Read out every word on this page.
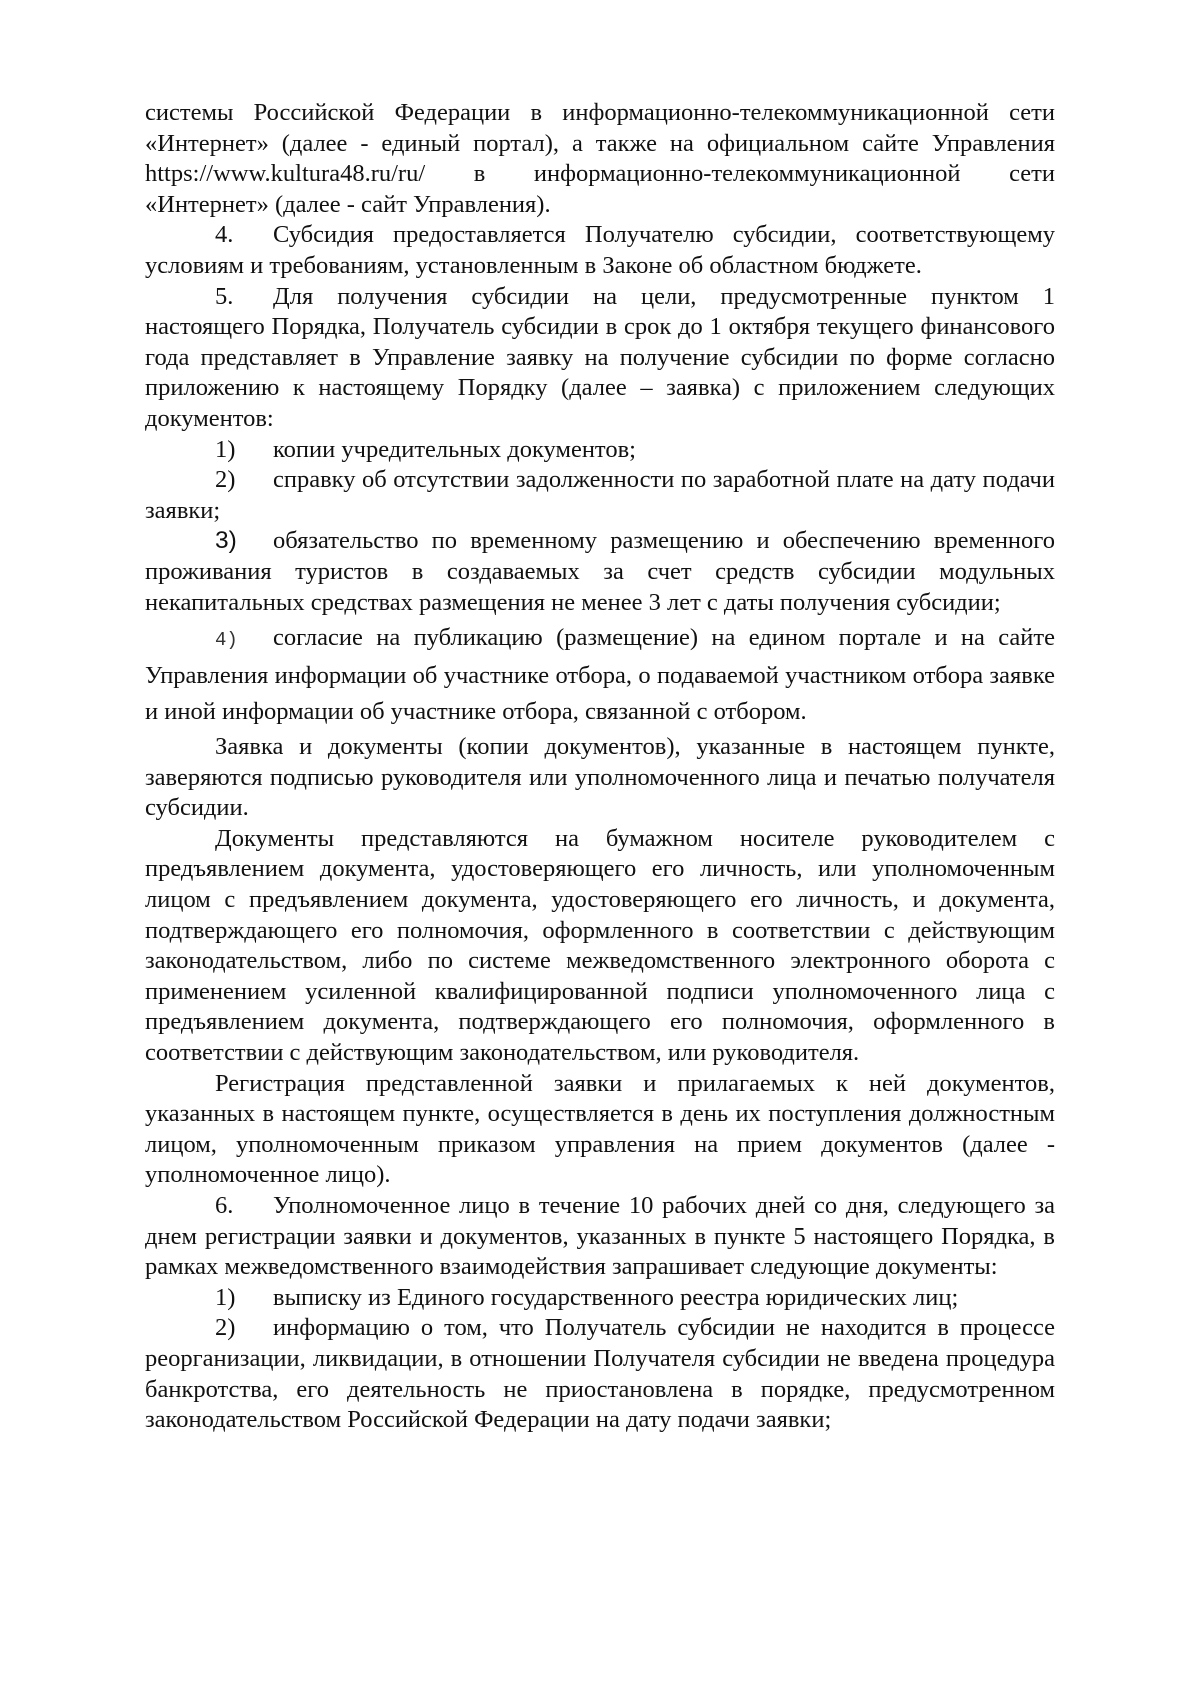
системы Российской Федерации в информационно-телекоммуникационной сети «Интернет» (далее - единый портал), а также на официальном сайте Управления https://www.kultura48.ru/ru/ в информационно-телекоммуникационной сети «Интернет» (далее - сайт Управления).

4. Субсидия предоставляется Получателю субсидии, соответствующему условиям и требованиям, установленным в Законе об областном бюджете.

5. Для получения субсидии на цели, предусмотренные пунктом 1 настоящего Порядка, Получатель субсидии в срок до 1 октября текущего финансового года представляет в Управление заявку на получение субсидии по форме согласно приложению к настоящему Порядку (далее – заявка) с приложением следующих документов:

1) копии учредительных документов;

2) справку об отсутствии задолженности по заработной плате на дату подачи заявки;

3) обязательство по временному размещению и обеспечению временного проживания туристов в создаваемых за счет средств субсидии модульных некапитальных средствах размещения не менее 3 лет с даты получения субсидии;

4) согласие на публикацию (размещение) на едином портале и на сайте Управления информации об участнике отбора, о подаваемой участником отбора заявке и иной информации об участнике отбора, связанной с отбором.

Заявка и документы (копии документов), указанные в настоящем пункте, заверяются подписью руководителя или уполномоченного лица и печатью получателя субсидии.

Документы представляются на бумажном носителе руководителем с предъявлением документа, удостоверяющего его личность, или уполномоченным лицом с предъявлением документа, удостоверяющего его личность, и документа, подтверждающего его полномочия, оформленного в соответствии с действующим законодательством, либо по системе межведомственного электронного оборота с применением усиленной квалифицированной подписи уполномоченного лица с предъявлением документа, подтверждающего его полномочия, оформленного в соответствии с действующим законодательством, или руководителя.

Регистрация представленной заявки и прилагаемых к ней документов, указанных в настоящем пункте, осуществляется в день их поступления должностным лицом, уполномоченным приказом управления на прием документов (далее - уполномоченное лицо).

6. Уполномоченное лицо в течение 10 рабочих дней со дня, следующего за днем регистрации заявки и документов, указанных в пункте 5 настоящего Порядка, в рамках межведомственного взаимодействия запрашивает следующие документы:

1) выписку из Единого государственного реестра юридических лиц;

2) информацию о том, что Получатель субсидии не находится в процессе реорганизации, ликвидации, в отношении Получателя субсидии не введена процедура банкротства, его деятельность не приостановлена в порядке, предусмотренном законодательством Российской Федерации на дату подачи заявки;
